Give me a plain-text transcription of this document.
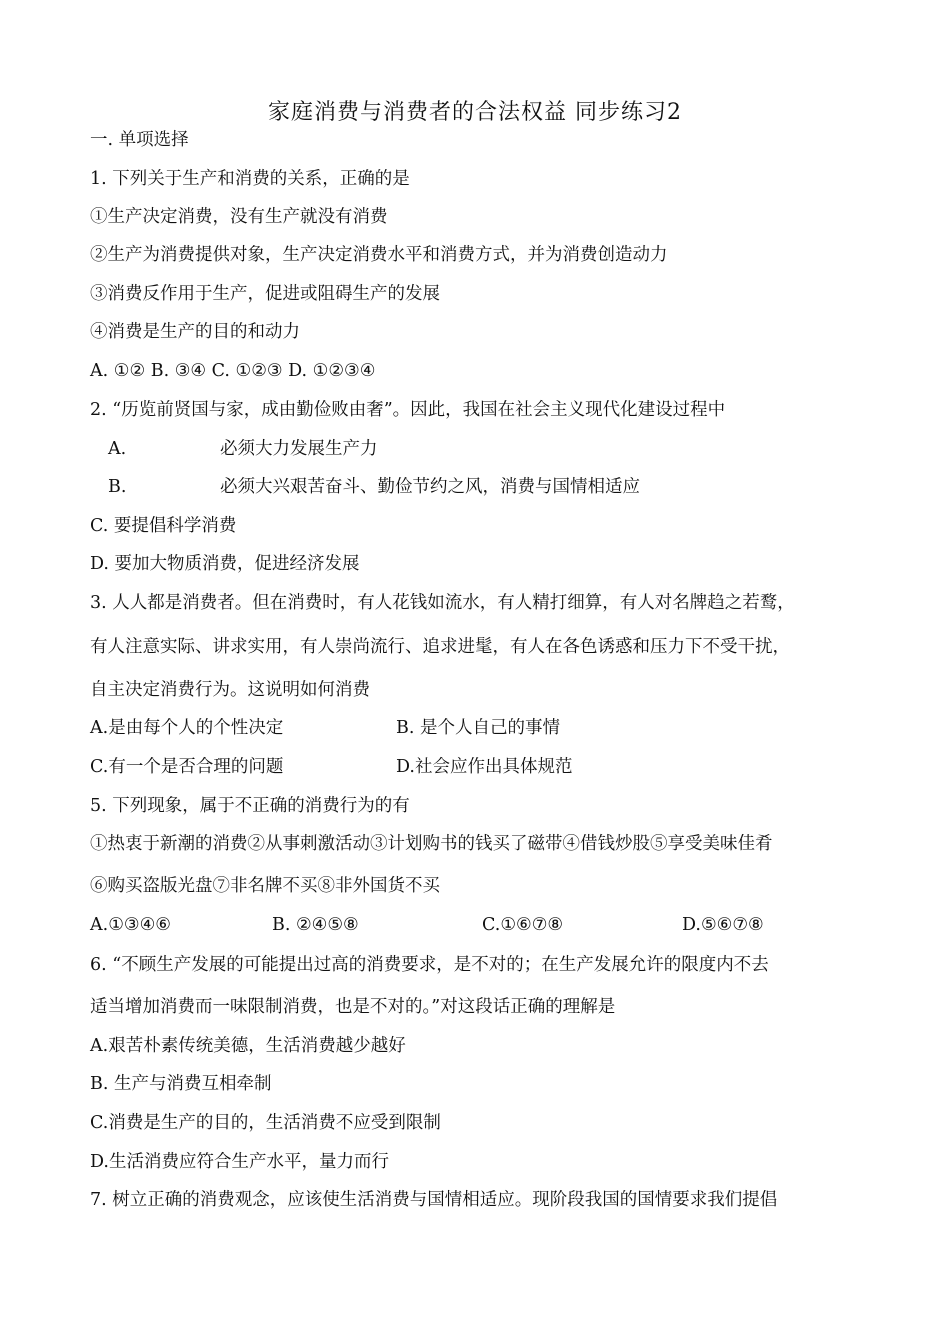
家庭消费与消费者的合法权益 同步练习2
一. 单项选择
1. 下列关于生产和消费的关系，正确的是
①生产决定消费，没有生产就没有消费
②生产为消费提供对象，生产决定消费水平和消费方式，并为消费创造动力
③消费反作用于生产，促进或阻碍生产的发展
④消费是生产的目的和动力
A. ①② B. ③④ C. ①②③ D. ①②③④
2. “历览前贤国与家，成由勤俭败由奢”。因此，我国在社会主义现代化建设过程中
A.	必须大力发展生产力
B.	必须大兴艰苦奋斗、勤俭节约之风，消费与国情相适应
C. 要提倡科学消费
D. 要加大物质消费，促进经济发展
3. 人人都是消费者。但在消费时，有人花钱如流水，有人精打细算，有人对名牌趋之若鹜，
有人注意实际、讲求实用，有人崇尚流行、追求进髦，有人在各色诱惑和压力下不受干扰，
自主决定消费行为。这说明如何消费
A.是由每个人的个性决定	B. 是个人自己的事情
C.有一个是否合理的问题	D.社会应作出具体规范
5. 下列现象，属于不正确的消费行为的有
①热衷于新潮的消费②从事刺激活动③计划购书的钱买了磁带④借钱炒股⑤享受美味佳肴
⑥购买盗版光盘⑦非名牌不买⑧非外国货不买
A.①③④⑥	B. ②④⑤⑧	C.①⑥⑦⑧	D.⑤⑥⑦⑧
6. “不顾生产发展的可能提出过高的消费要求，是不对的；在生产发展允许的限度内不去
适当增加消费而一味限制消费，也是不对的。”对这段话正确的理解是
A.艰苦朴素传统美德，生活消费越少越好
B. 生产与消费互相牵制
C.消费是生产的目的，生活消费不应受到限制
D.生活消费应符合生产水平，量力而行
7. 树立正确的消费观念，应该使生活消费与国情相适应。现阶段我国的国情要求我们提倡
